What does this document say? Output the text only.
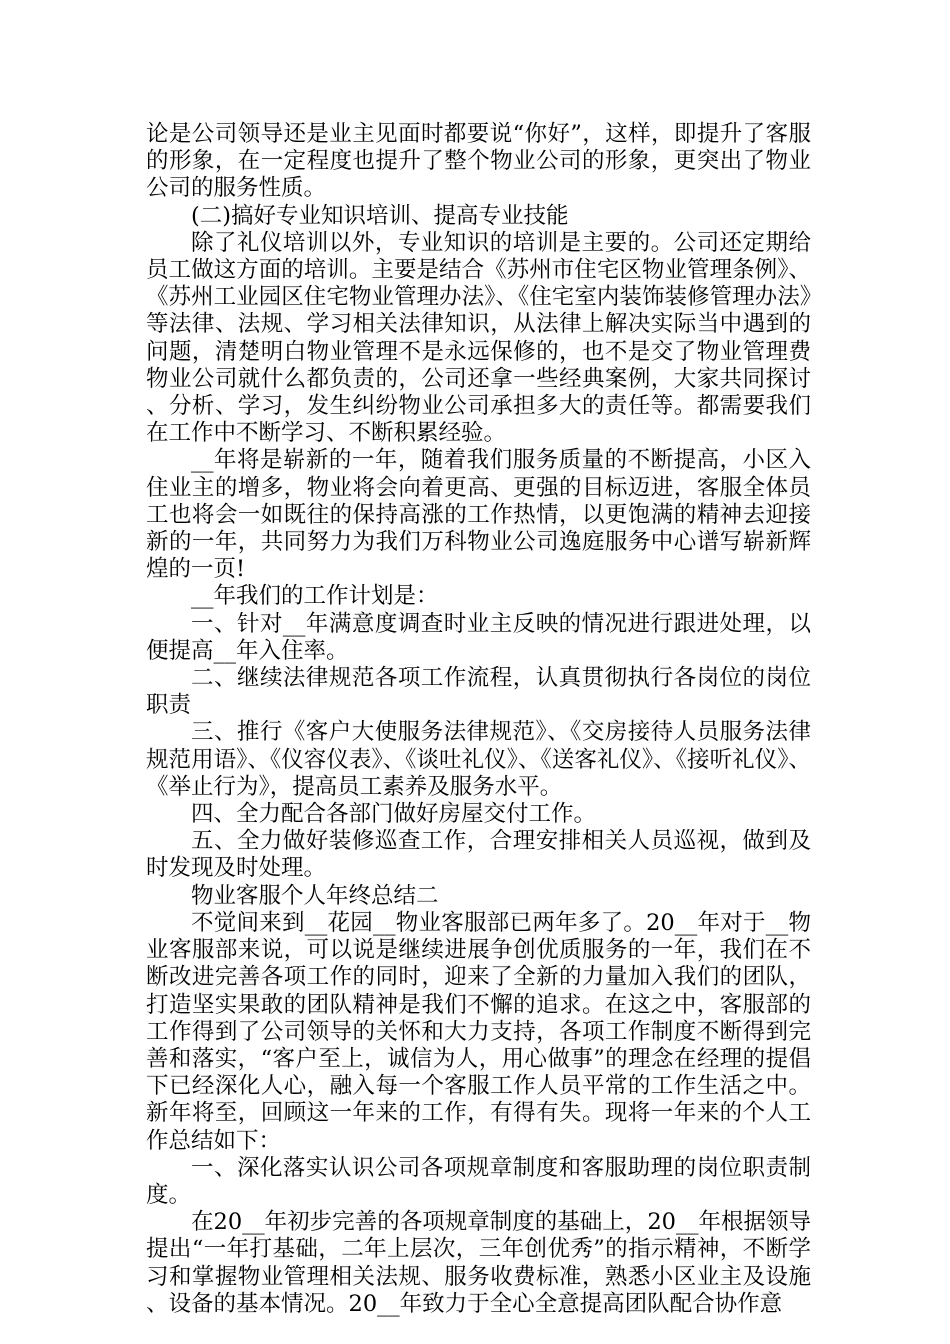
论是公司领导还是业主见面时都要说“你好”，这样，即提升了客服的形象，在一定程度也提升了整个物业公司的形象，更突出了物业公司的服务性质。

(二)搞好专业知识培训、提高专业技能

除了礼仪培训以外，专业知识的培训是主要的。公司还定期给员工做这方面的培训。主要是结合《苏州市住宅区物业管理条例》、《苏州工业园区住宅物业管理办法》、《住宅室内装饰装修管理办法》等法律、法规、学习相关法律知识，从法律上解决实际当中遇到的问题，清楚明白物业管理不是永远保修的，也不是交了物业管理费物业公司就什么都负责的，公司还拿一些经典案例，大家共同探讨、分析、学习，发生纠纷物业公司承担多大的责任等。都需要我们在工作中不断学习、不断积累经验。

__年将是崭新的一年，随着我们服务质量的不断提高，小区入住业主的增多，物业将会向着更高、更强的目标迈进，客服全体员工也将会一如既往的保持高涨的工作热情，以更饱满的精神去迎接新的一年，共同努力为我们万科物业公司逸庭服务中心谱写崭新辉煌的一页!

__年我们的工作计划是：

一、针对__年满意度调查时业主反映的情况进行跟进处理，以便提高__年入住率。

二、继续法律规范各项工作流程，认真贯彻执行各岗位的岗位职责

三、推行《客户大使服务法律规范》、《交房接待人员服务法律规范用语》、《仪容仪表》、《谈吐礼仪》、《送客礼仪》、《接听礼仪》、《举止行为》，提高员工素养及服务水平。

四、全力配合各部门做好房屋交付工作。

五、全力做好装修巡查工作，合理安排相关人员巡视，做到及时发现及时处理。

物业客服个人年终总结二

不觉间来到__花园__物业客服部已两年多了。20__年对于__物业客服部来说，可以说是继续进展争创优质服务的一年，我们在不断改进完善各项工作的同时，迎来了全新的力量加入我们的团队，打造坚实果敢的团队精神是我们不懈的追求。在这之中，客服部的工作得到了公司领导的关怀和大力支持，各项工作制度不断得到完善和落实，“客户至上，诚信为人，用心做事”的理念在经理的提倡下已经深化人心，融入每一个客服工作人员平常的工作生活之中。新年将至，回顾这一年来的工作，有得有失。现将一年来的个人工作总结如下：

一、深化落实认识公司各项规章制度和客服助理的岗位职责制度。

在20__年初步完善的各项规章制度的基础上，20__年根据领导提出“一年打基础，二年上层次，三年创优秀”的指示精神，不断学习和掌握物业管理相关法规、服务收费标准，熟悉小区业主及设施、设备的基本情况。20__年致力于全心全意提高团队配合协作意
